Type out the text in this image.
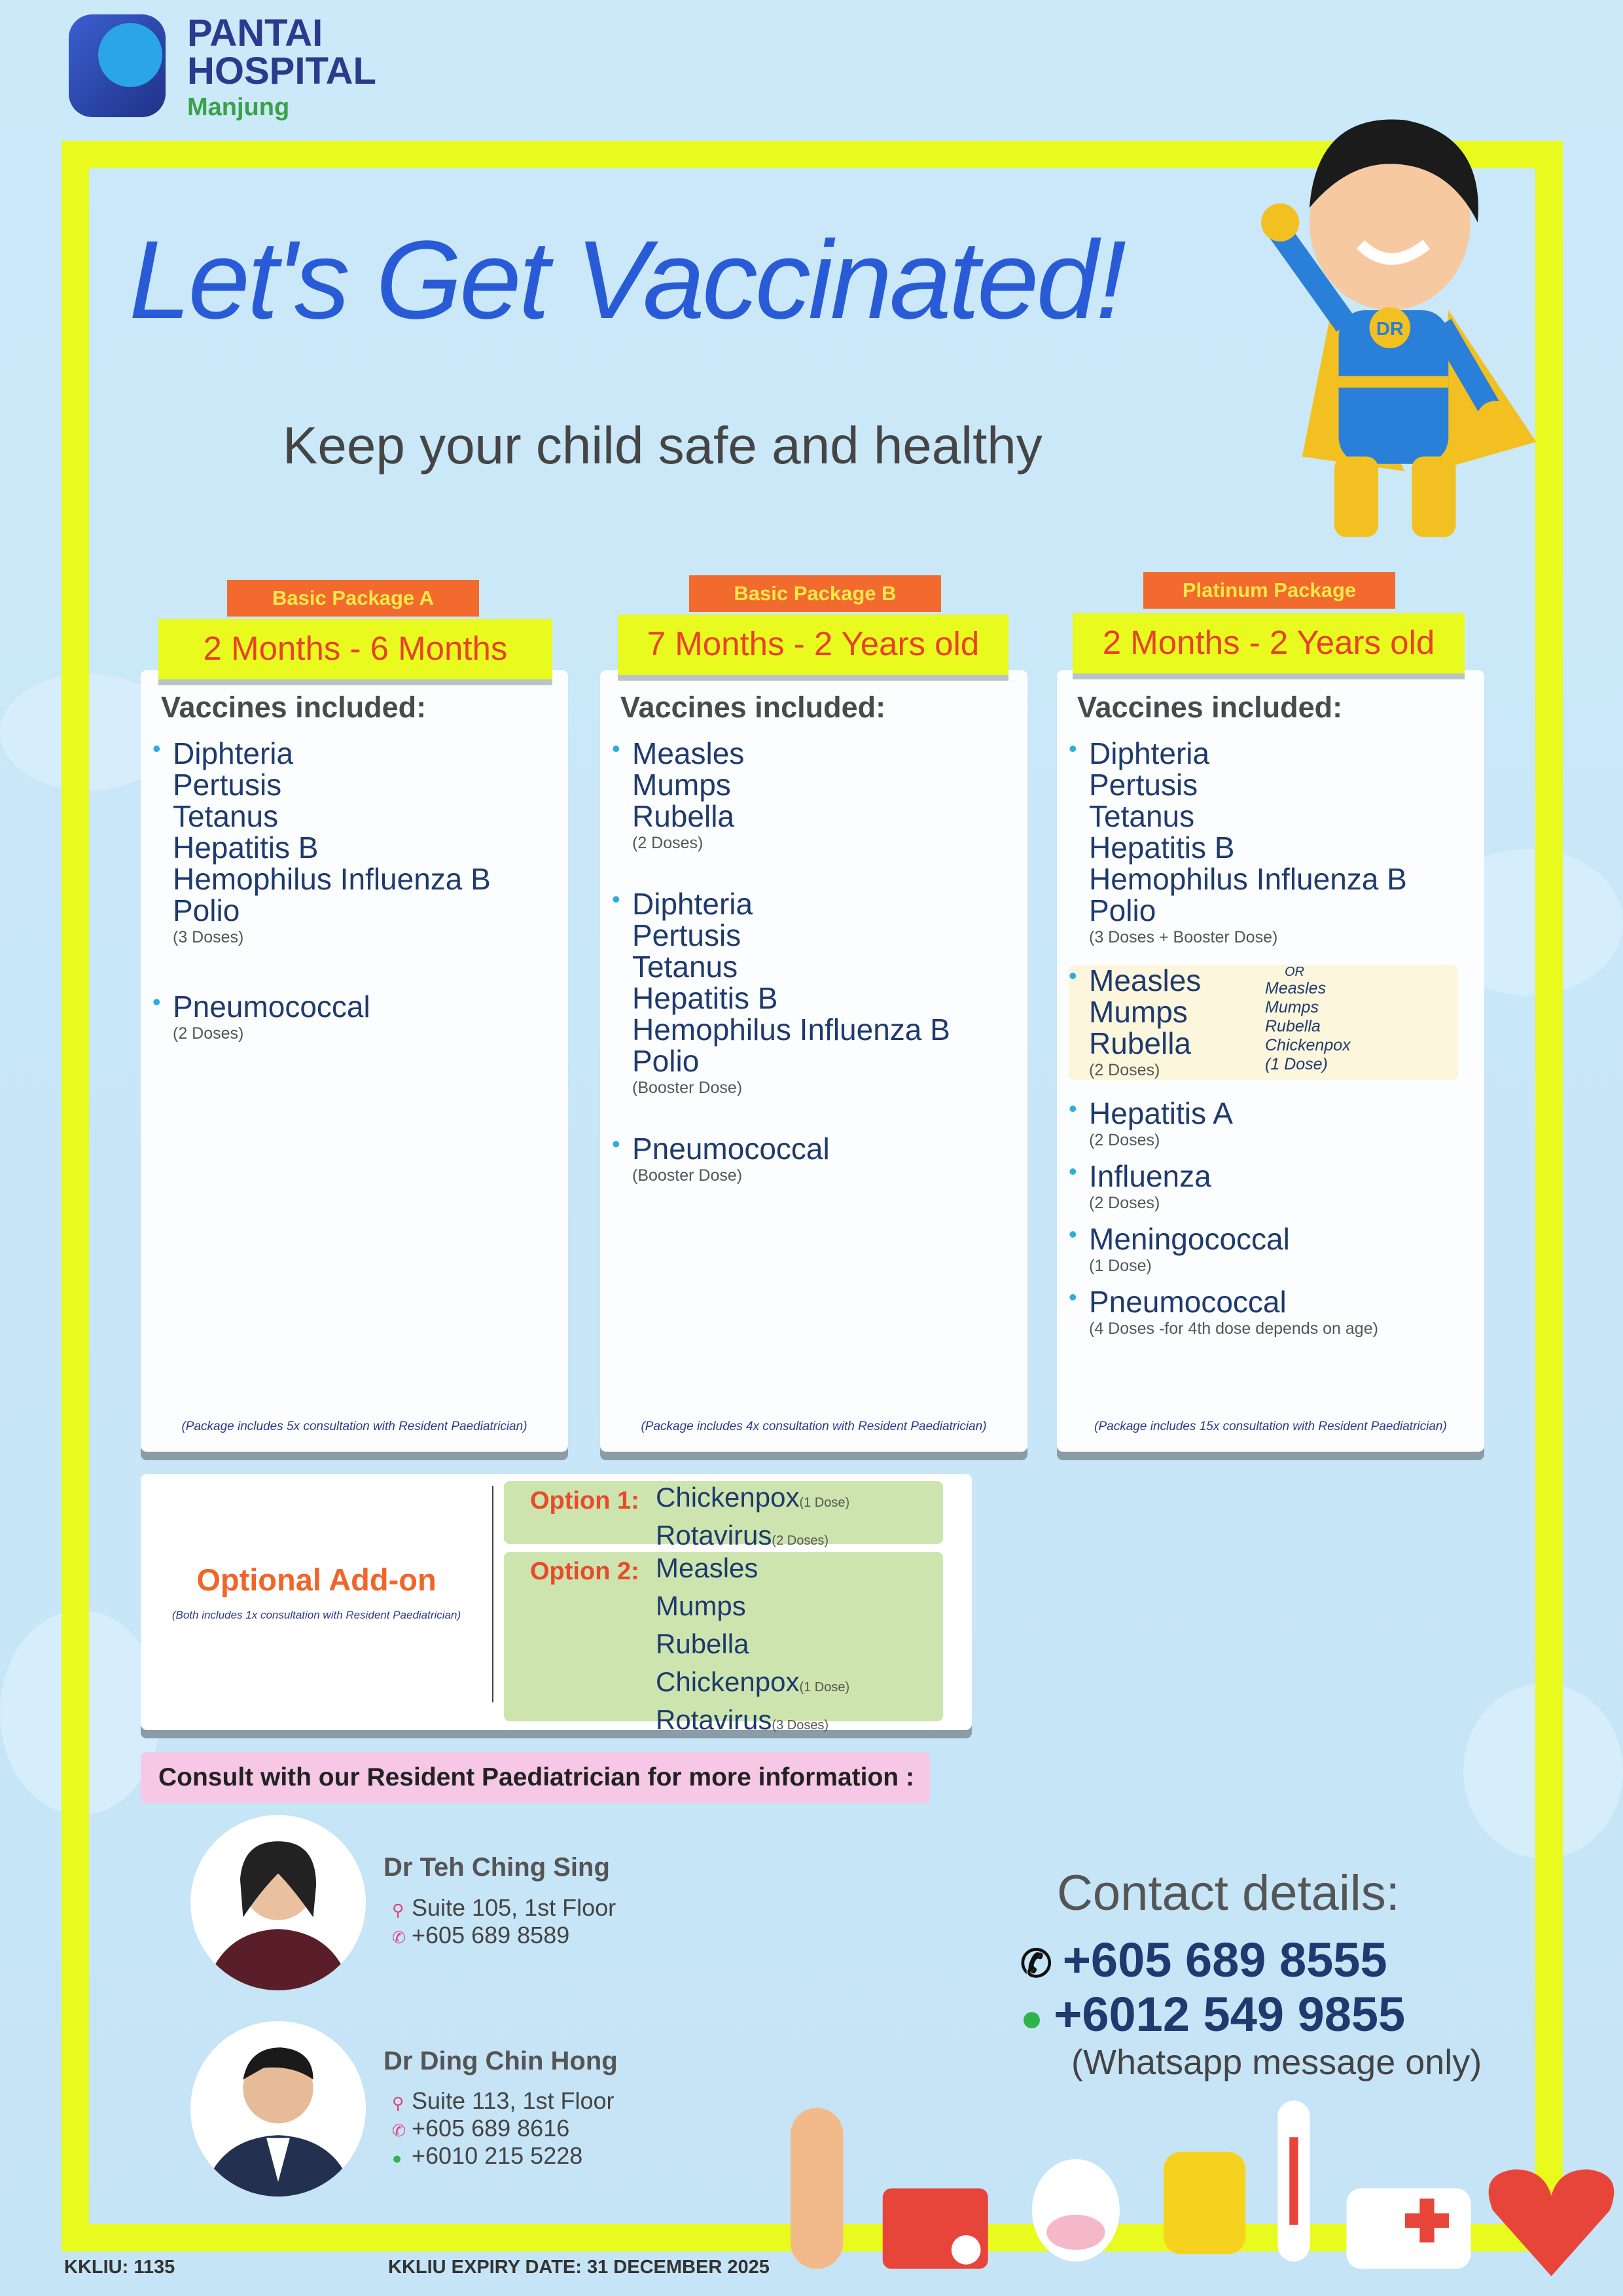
PANTAI
HOSPITAL
Manjung
Let's Get Vaccinated!
Keep your child safe and healthy
DR
Vaccines included:
• Diphteria
Pertusis
Tetanus
Hepatitis B
Hemophilus Influenza B
Polio
(3 Doses)
• Pneumococcal
(2 Doses)
(Package includes 5x consultation with Resident Paediatrician)
Basic Package A
2 Months - 6 Months
Vaccines included:
• Measles
Mumps
Rubella
(2 Doses)
• Diphteria
Pertusis
Tetanus
Hepatitis B
Hemophilus Influenza B
Polio
(Booster Dose)
• Pneumococcal
(Booster Dose)
(Package includes 4x consultation with Resident Paediatrician)
Basic Package B
7 Months - 2 Years old
Vaccines included:
• Diphteria
Pertusis
Tetanus
Hepatitis B
Hemophilus Influenza B
Polio
(3 Doses + Booster Dose)
• Measles
Mumps
Rubella
(2 Doses)
OR
Measles
Mumps
Rubella
Chickenpox
(1 Dose)
• Hepatitis A
(2 Doses)
• Influenza
(2 Doses)
• Meningococcal
(1 Dose)
• Pneumococcal
(4 Doses -for 4th dose depends on age)
(Package includes 15x consultation with Resident Paediatrician)
Platinum Package
2 Months - 2 Years old
Optional Add-on
(Both includes 1x consultation with Resident Paediatrician)
Option 1: Chickenpox(1 Dose)
Rotavirus(2 Doses)
Option 2: Measles
Mumps
Rubella
Chickenpox(1 Dose)
Rotavirus(3 Doses)
Consult with our Resident Paediatrician for more information :
Dr Teh Ching Sing
⚲ Suite 105, 1st Floor
✆ +605 689 8589
Dr Ding Chin Hong
⚲ Suite 113, 1st Floor
✆ +605 689 8616
● +6010 215 5228
Contact details:
✆ +605 689 8555
● +6012 549 9855
(Whatsapp message only)
KKLIU: 1135	KKLIU EXPIRY DATE: 31 DECEMBER 2025
